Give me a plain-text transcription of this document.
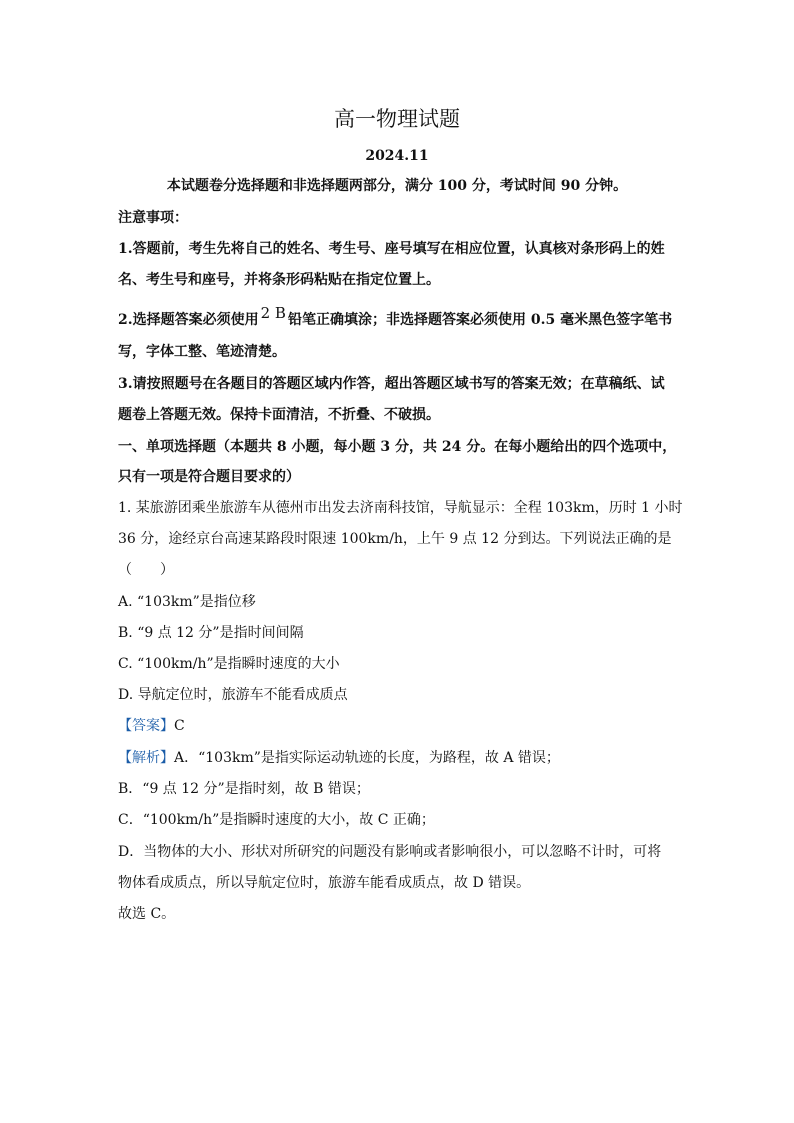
高一物理试题
2024.11
本试题卷分选择题和非选择题两部分，满分 100 分，考试时间 90 分钟。
注意事项：
1.答题前，考生先将自己的姓名、考生号、座号填写在相应位置，认真核对条形码上的姓
名、考生号和座号，并将条形码粘贴在指定位置上。
2.选择题答案必须使用 2 B 铅笔正确填涂；非选择题答案必须使用 0.5 毫米黑色签字笔书
写，字体工整、笔迹清楚。
3.请按照题号在各题目的答题区域内作答，超出答题区域书写的答案无效；在草稿纸、试
题卷上答题无效。保持卡面清洁，不折叠、不破损。
一、单项选择题（本题共 8 小题，每小题 3 分，共 24 分。在每小题给出的四个选项中，
只有一项是符合题目要求的）
1. 某旅游团乘坐旅游车从德州市出发去济南科技馆，导航显示：全程 103km，历时 1 小时
36 分，途经京台高速某路段时限速 100km/h，上午 9 点 12 分到达。下列说法正确的是
（　　）
A. “103km”是指位移
B. “9 点 12 分”是指时间间隔
C. “100km/h”是指瞬时速度的大小
D. 导航定位时，旅游车不能看成质点
【答案】C
【解析】A．“103km”是指实际运动轨迹的长度，为路程，故 A 错误；
B．“9 点 12 分”是指时刻，故 B 错误；
C．“100km/h”是指瞬时速度的大小，故 C 正确；
D．当物体的大小、形状对所研究的问题没有影响或者影响很小，可以忽略不计时，可将
物体看成质点，所以导航定位时，旅游车能看成质点，故 D 错误。
故选 C。
